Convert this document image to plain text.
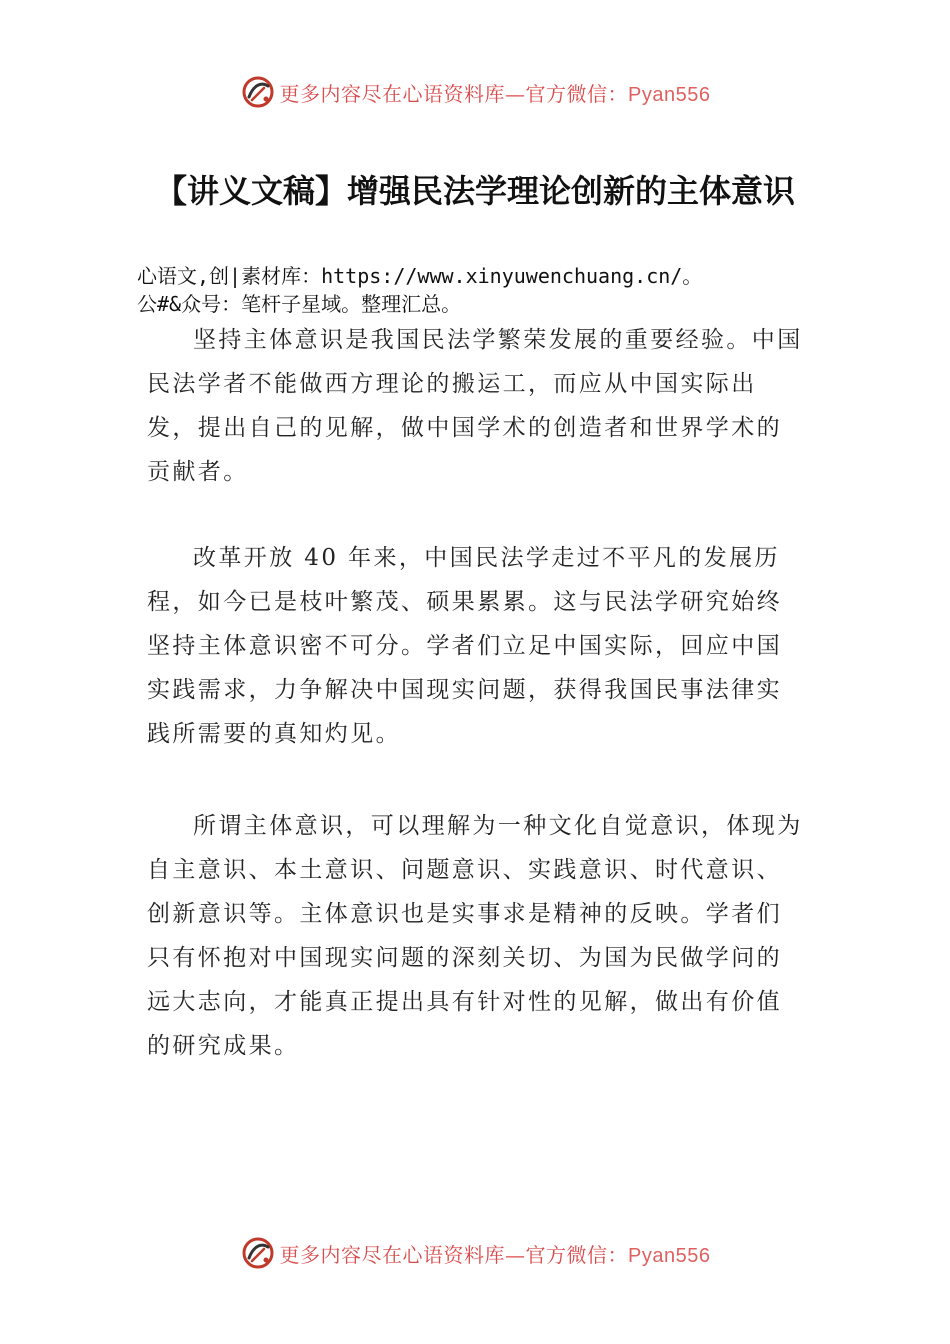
更多内容尽在心语资料库—官方微信：Pyan556
【讲义文稿】增强民法学理论创新的主体意识
心语文,创|素材库：https://www.xinyuwenchuang.cn/。
公#&众号：笔杆子星域。整理汇总。

坚持主体意识是我国民法学繁荣发展的重要经验。中国民法学者不能做西方理论的搬运工，而应从中国实际出发，提出自己的见解，做中国学术的创造者和世界学术的贡献者。

改革开放 40 年来，中国民法学走过不平凡的发展历程，如今已是枝叶繁茂、硕果累累。这与民法学研究始终坚持主体意识密不可分。学者们立足中国实际，回应中国实践需求，力争解决中国现实问题，获得我国民事法律实践所需要的真知灼见。

所谓主体意识，可以理解为一种文化自觉意识，体现为自主意识、本土意识、问题意识、实践意识、时代意识、创新意识等。主体意识也是实事求是精神的反映。学者们只有怀抱对中国现实问题的深刻关切、为国为民做学问的远大志向，才能真正提出具有针对性的见解，做出有价值的研究成果。

更多内容尽在心语资料库—官方微信：Pyan556
